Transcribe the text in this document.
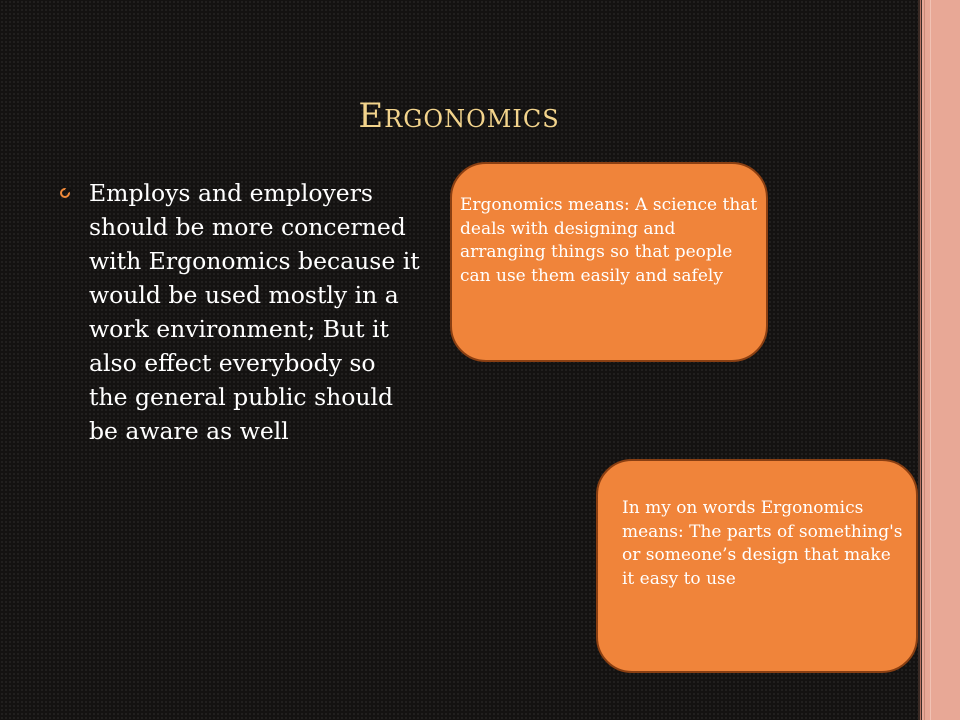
Ergonomics
Employs and employers should be more concerned with Ergonomics because it would be used mostly in a work environment; But it also effect everybody so the general public should be aware as well
Ergonomics means: A science that deals with designing and arranging things so that people can use them easily and safely
In my on words Ergonomics means: The parts of something's or someone’s design that make it easy to use
